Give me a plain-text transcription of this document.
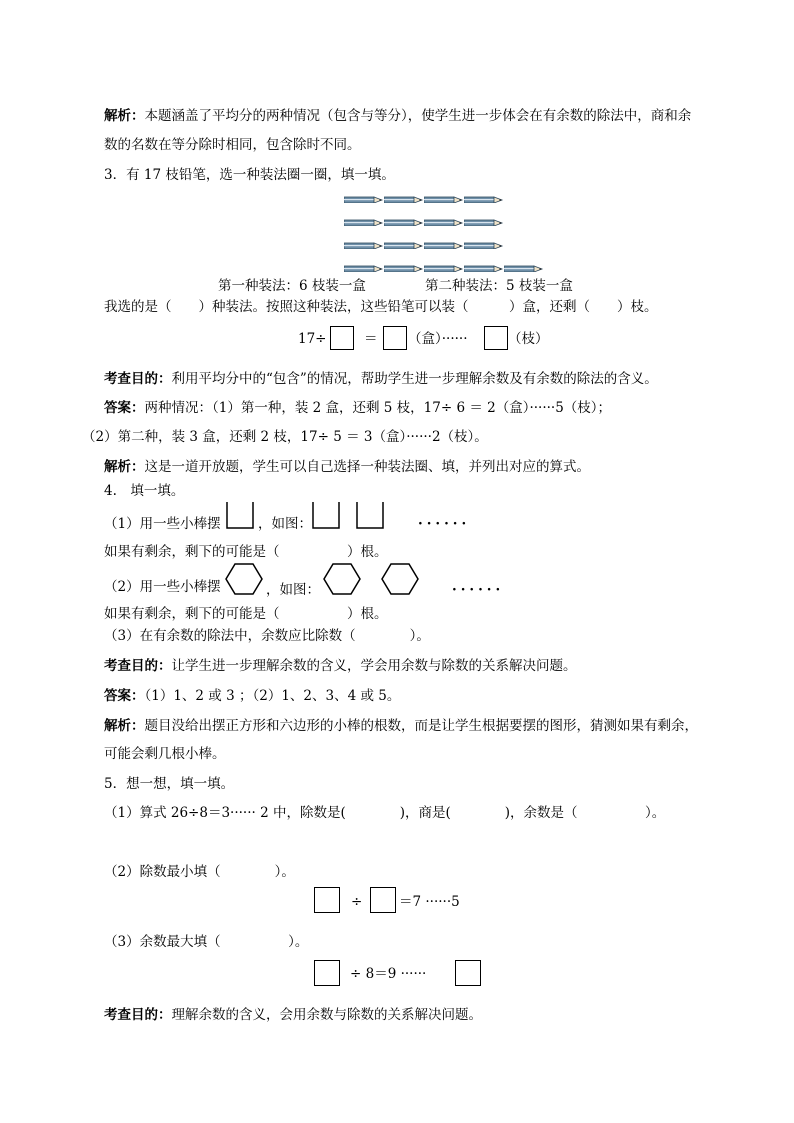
解析：本题涵盖了平均分的两种情况（包含与等分），使学生进一步体会在有余数的除法中，商和余
数的名数在等分除时相同，包含除时不同。
3．有 17 枝铅笔，选一种装法圈一圈，填一填。
第一种装法：6 枝装一盒	第二种装法：5 枝装一盒
我选的是（　　）种装法。按照这种装法，这些铅笔可以装（　　　）盒，还剩（　　）枝。
17÷	＝ （盒）······	（枝）
考查目的：利用平均分中的“包含”的情况，帮助学生进一步理解余数及有余数的除法的含义。
答案：两种情况：（1）第一种，装 2 盒，还剩 5 枝，17÷ 6 ＝ 2（盒）······5（枝）；
（2）第二种，装 3 盒，还剩 2 枝，17÷ 5 ＝ 3（盒）······2（枝）。
解析：这是一道开放题，学生可以自己选择一种装法圈、填，并列出对应的算式。
4.　填一填。
（1）用一些小棒摆	，如图：	······
如果有剩余，剩下的可能是（　　　　　）根。
（2）用一些小棒摆	，如图：	······
如果有剩余，剩下的可能是（　　　　　）根。
（3）在有余数的除法中，余数应比除数（　　　　）。
考查目的：让学生进一步理解余数的含义，学会用余数与除数的关系解决问题。
答案：（1）1、2 或 3 ；（2）1、2、3、4 或 5。
解析：题目没给出摆正方形和六边形的小棒的根数，而是让学生根据要摆的图形，猜测如果有剩余，
可能会剩几根小棒。
5．想一想，填一填。
（1）算式 26÷8＝3······ 2 中，除数是(　　　　)，商是(　　　　)，余数是（　　　　　）。
（2）除数最小填（　　　　）。
÷	＝7 ······5
（3）余数最大填（　　　　　）。
÷ 8＝9 ······
考查目的：理解余数的含义，会用余数与除数的关系解决问题。
